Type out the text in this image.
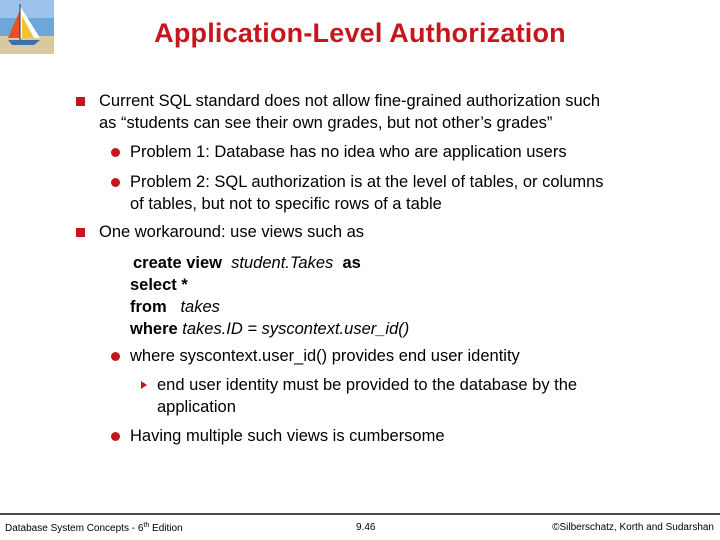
Application-Level Authorization
Current SQL standard does not allow fine-grained authorization such
as “students can see their own grades, but not other’s grades”
Problem 1: Database has no idea who are application users
Problem 2: SQL authorization is at the level of tables, or columns
of tables, but not to specific rows of a table
One workaround: use views such as
create view student.Takes as
select *
from takes
where takes.ID = syscontext.user_id()
where syscontext.user_id() provides end user identity
end user identity must be provided to the database by the
application
Having multiple such views is cumbersome
Database System Concepts - 6th Edition	9.46	©Silberschatz, Korth and Sudarshan
